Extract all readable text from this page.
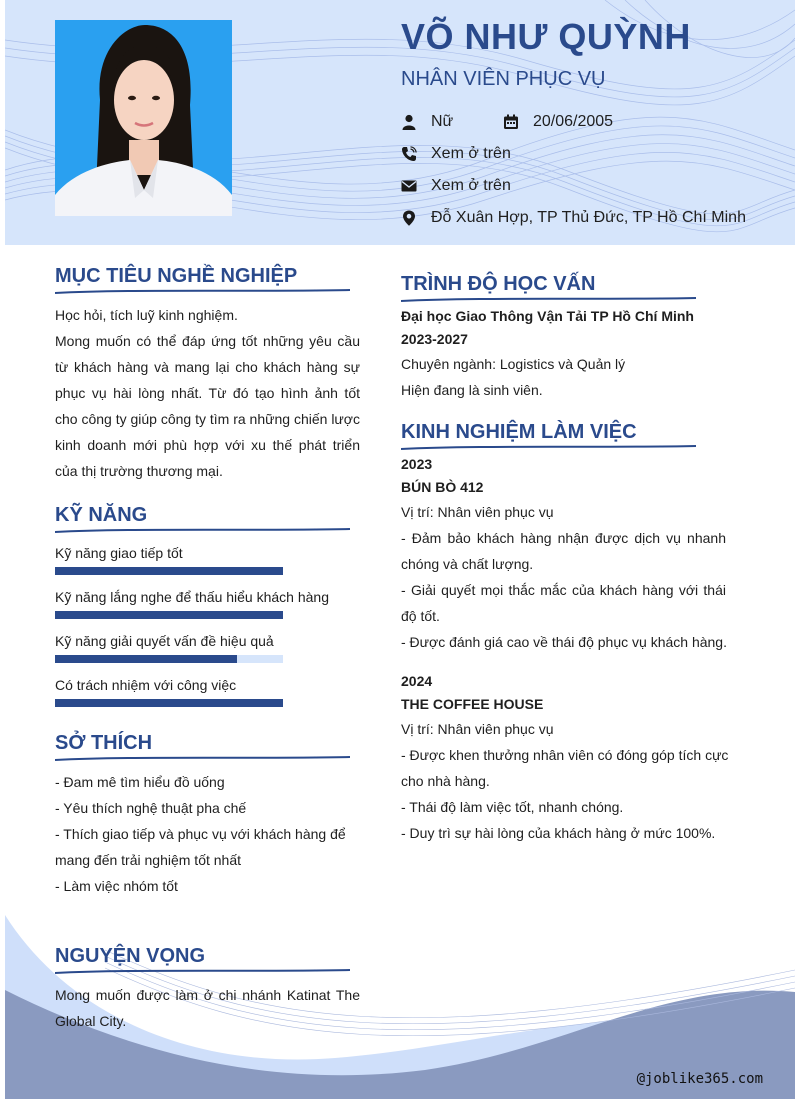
VÕ NHƯ QUỲNH
NHÂN VIÊN PHỤC VỤ
Nữ	20/06/2005
Xem ở trên
Xem ở trên
Đỗ Xuân Hợp, TP Thủ Đức, TP Hồ Chí Minh
MỤC TIÊU NGHỀ NGHIỆP
Học hỏi, tích luỹ kinh nghiệm.
Mong muốn có thể đáp ứng tốt những yêu cầu từ khách hàng và mang lại cho khách hàng sự phục vụ hài lòng nhất. Từ đó tạo hình ảnh tốt cho công ty giúp công ty tìm ra những chiến lược kinh doanh mới phù hợp với xu thế phát triển của thị trường thương mại.
KỸ NĂNG
Kỹ năng giao tiếp tốt
Kỹ năng lắng nghe để thấu hiểu khách hàng
Kỹ năng giải quyết vấn đề hiệu quả
Có trách nhiệm với công việc
SỞ THÍCH
- Đam mê tìm hiểu đồ uống
- Yêu thích nghệ thuật pha chế
- Thích giao tiếp và phục vụ với khách hàng để mang đến trải nghiệm tốt nhất
- Làm việc nhóm tốt
NGUYỆN VỌNG
Mong muốn được làm ở chi nhánh Katinat The Global City.
TRÌNH ĐỘ HỌC VẤN
Đại học Giao Thông Vận Tải TP Hồ Chí Minh
2023-2027
Chuyên ngành: Logistics và Quản lý
Hiện đang là sinh viên.
KINH NGHIỆM LÀM VIỆC
2023
BÚN BÒ 412
Vị trí: Nhân viên phục vụ
- Đảm bảo khách hàng nhận được dịch vụ nhanh chóng và chất lượng.
- Giải quyết mọi thắc mắc của khách hàng với thái độ tốt.
- Được đánh giá cao về thái độ phục vụ khách hàng.
2024
THE COFFEE HOUSE
Vị trí: Nhân viên phục vụ
- Được khen thưởng nhân viên có đóng góp tích cực cho nhà hàng.
- Thái độ làm việc tốt, nhanh chóng.
- Duy trì sự hài lòng của khách hàng ở mức 100%.
@joblike365.com
